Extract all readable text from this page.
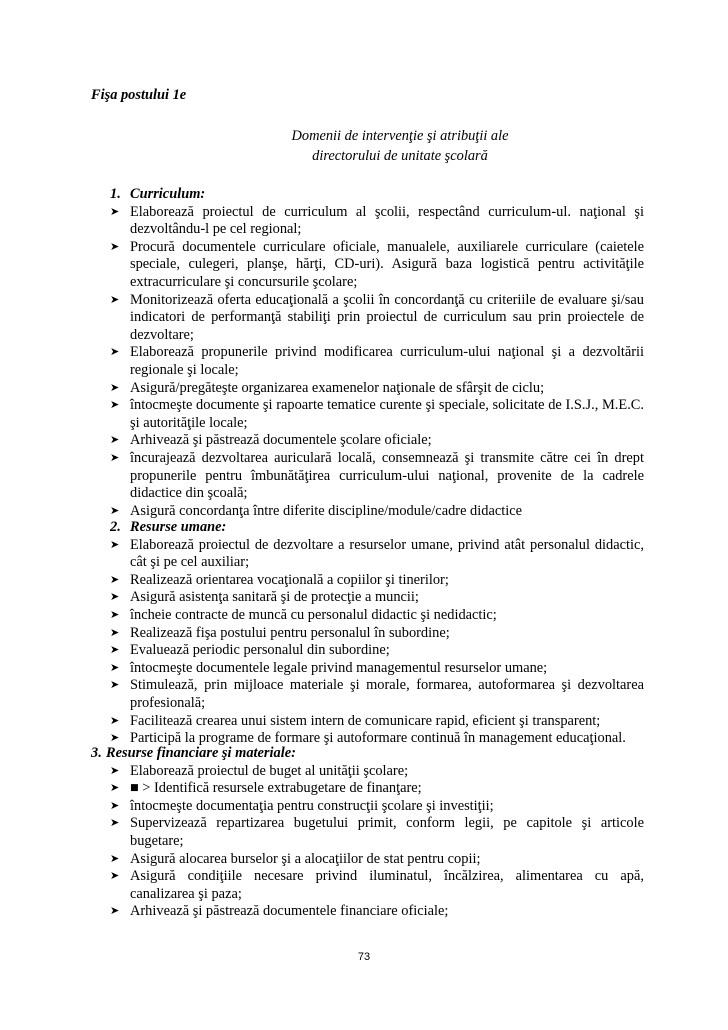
Fişa postului 1e

Domenii de intervenţie şi atribuţii ale
directorului de unitate şcolară
1. Curriculum:
➤ Elaborează proiectul de curriculum al şcolii, respectând curriculum-ul. naţional şi dezvoltându-l pe cel regional;
➤ Procură documentele curriculare oficiale, manualele, auxiliarele curriculare (caietele speciale, culegeri, planşe, hărţi, CD-uri). Asigură baza logistică pentru activităţile extracurriculare şi concursurile şcolare;
➤ Monitorizează oferta educaţională a şcolii în concordanţă cu criteriile de evaluare şi/sau indicatori de performanţă stabiliţi prin proiectul de curriculum sau prin proiectele de dezvoltare;
➤ Elaborează propunerile privind modificarea curriculum-ului naţional şi a dezvoltării regionale şi locale;
➤ Asigură/pregăteşte organizarea examenelor naţionale de sfârşit de ciclu;
➤ întocmeşte documente şi rapoarte tematice curente şi speciale, solicitate de I.S.J., M.E.C. şi autorităţile locale;
➤ Arhivează şi păstrează documentele şcolare oficiale;
➤ încurajează dezvoltarea auriculară locală, consemnează şi transmite către cei în drept propunerile pentru îmbunătăţirea curriculum-ului naţional, provenite de la cadrele didactice din şcoală;
➤ Asigură concordanţa între diferite discipline/module/cadre didactice
2. Resurse umane:
➤ Elaborează proiectul de dezvoltare a resurselor umane, privind atât personalul didactic, cât şi pe cel auxiliar;
➤ Realizează orientarea vocaţională a copiilor şi tinerilor;
➤ Asigură asistenţa sanitară şi de protecţie a muncii;
➤ încheie contracte de muncă cu personalul didactic şi nedidactic;
➤ Realizează fişa postului pentru personalul în subordine;
➤ Evaluează periodic personalul din subordine;
➤ întocmeşte documentele legale privind managementul resurselor umane;
➤ Stimulează, prin mijloace materiale şi morale, formarea, autoformarea şi dezvoltarea profesională;
➤ Facilitează crearea unui sistem intern de comunicare rapid, eficient şi transparent;
➤ Participă la programe de formare şi autoformare continuă în management educaţional.
3. Resurse financiare şi materiale:
➤ Elaborează proiectul de buget al unităţii şcolare;
➤ ■ > Identifică resursele extrabugetare de finanţare;
➤ întocmeşte documentaţia pentru construcţii şcolare şi investiţii;
➤ Supervizează repartizarea bugetului primit, conform legii, pe capitole şi articole bugetare;
➤ Asigură alocarea burselor şi a alocaţiilor de stat pentru copii;
➤ Asigură condiţiile necesare privind iluminatul, încălzirea, alimentarea cu apă, canalizarea şi paza;
➤ Arhivează şi păstrează documentele financiare oficiale;
73
